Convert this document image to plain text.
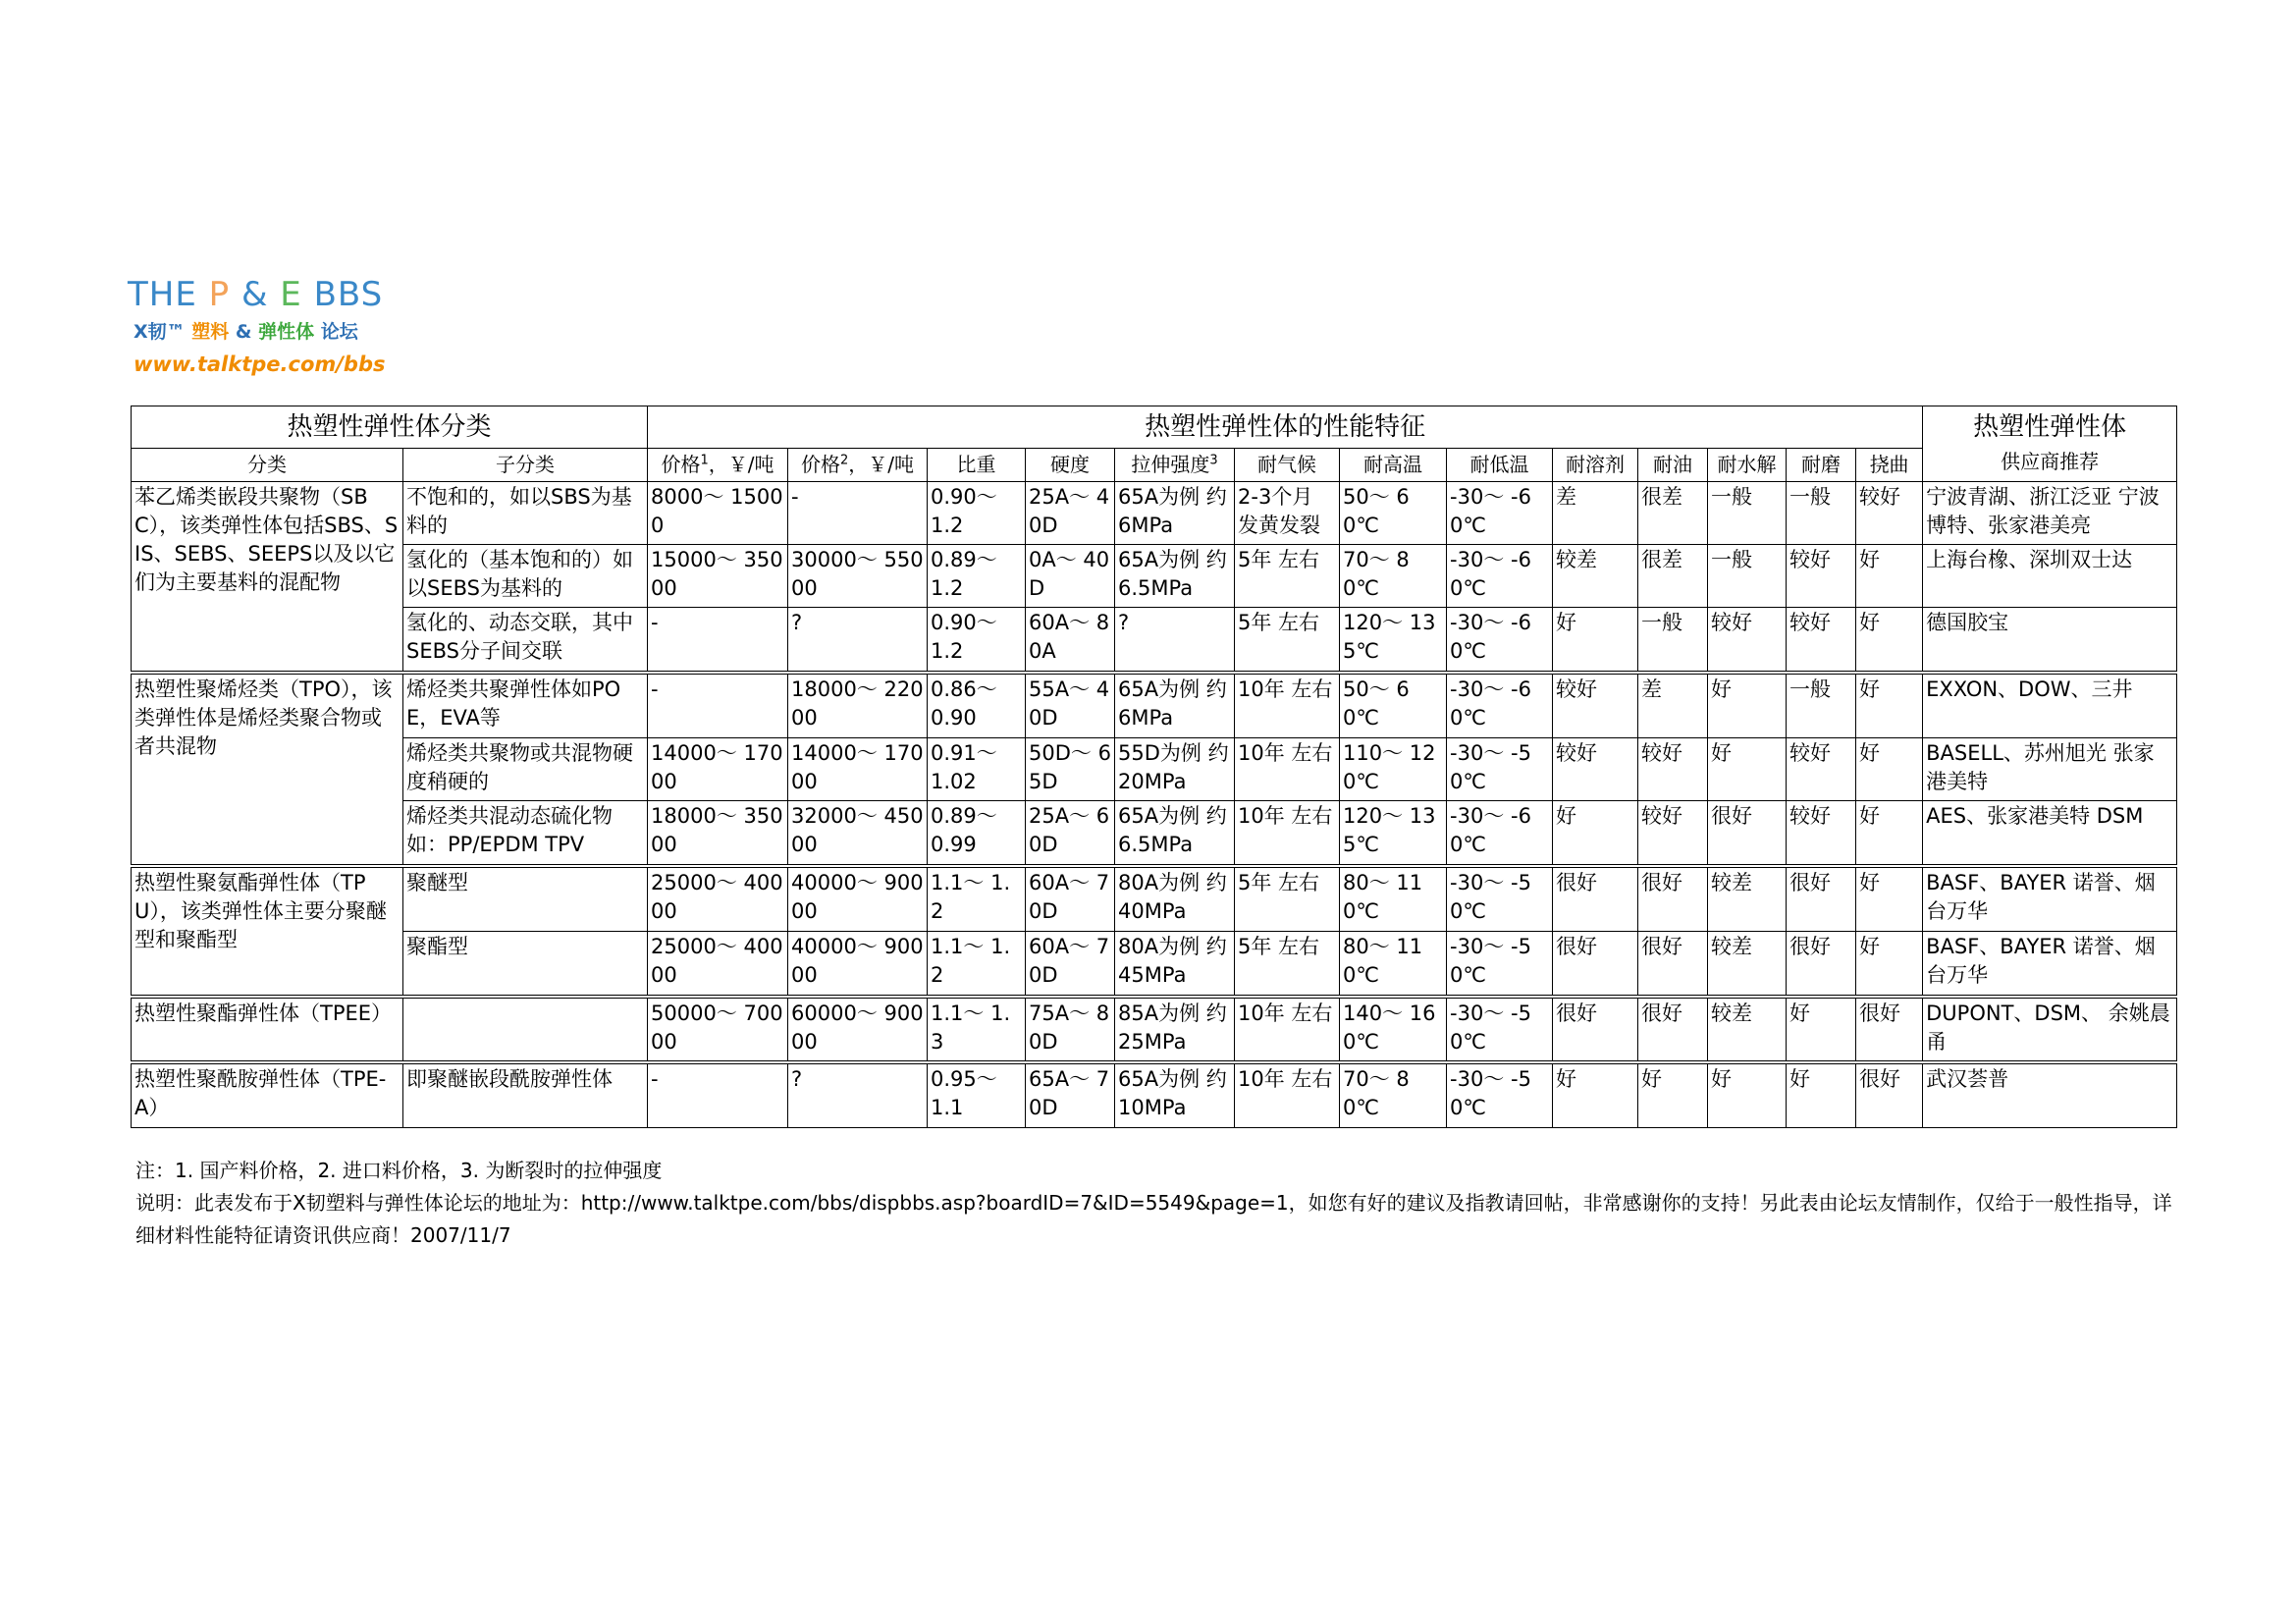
THE P & E BBS
X韧™ 塑料 & 弹性体 论坛
www.talktpe.com/bbs
热塑性弹性体分类		热塑性弹性体的性能特征													热塑性弹性体
供应商推荐
分类	子分类	价格$^1$，￥/吨	价格$^2$，￥/吨	比重	硬度	拉伸强度$^3$	耐气候	耐高温	耐低温	耐溶剂	耐油	耐水解	耐磨	挠曲	
苯乙烯类嵌段共聚物（SBC），该类弹性体包括SBS、SIS、SEBS、SEEPS以及以它们为主要基料的混配物	不饱和的，如以SBS为基料的	8000～ 15000	-	0.90～ 1.2	25A～ 40D	65A为例 约6MPa	2-3个月 发黄发裂	50～ 60℃	-30～ -60℃	差	很差	一般	一般	较好	宁波青湖、浙江泛亚 宁波博特、张家港美亮
	氢化的（基本饱和的）如以SEBS为基料的	15000～ 35000	30000～ 55000	0.89～ 1.2	0A～ 40D	65A为例 约6.5MPa	5年 左右	70～ 80℃	-30～ -60℃	较差	很差	一般	较好	好	上海台橡、深圳双士达
	氢化的、动态交联，其中SEBS分子间交联	-	?	0.90～ 1.2	60A～ 80A	?	5年 左右	120～ 135℃	-30～ -60℃	好	一般	较好	较好	好	德国胶宝
热塑性聚烯烃类（TPO），该类弹性体是烯烃类聚合物或者共混物	烯烃类共聚弹性体如POE，EVA等	-	18000～ 22000	0.86～ 0.90	55A～ 40D	65A为例 约6MPa	10年 左右	50～ 60℃	-30～ -60℃	较好	差	好	一般	好	EXXON、DOW、三井
	烯烃类共聚物或共混物硬度稍硬的	14000～ 17000	14000～ 17000	0.91～ 1.02	50D～ 65D	55D为例 约20MPa	10年 左右	110～ 120℃	-30～ -50℃	较好	较好	好	较好	好	BASELL、苏州旭光 张家港美特
	烯烃类共混动态硫化物 如：PP/EPDM TPV	18000～ 35000	32000～ 45000	0.89～ 0.99	25A～ 60D	65A为例 约6.5MPa	10年 左右	120～ 135℃	-30～ -60℃	好	较好	很好	较好	好	AES、张家港美特 DSM
热塑性聚氨酯弹性体（TPU），该类弹性体主要分聚醚型和聚酯型	聚醚型	25000～ 40000	40000～ 90000	1.1～ 1.2	60A～ 70D	80A为例 约40MPa	5年 左右	80～ 110℃	-30～ -50℃	很好	很好	较差	很好	好	BASF、BAYER 诺誉、烟台万华
	聚酯型	25000～ 40000	40000～ 90000	1.1～ 1.2	60A～ 70D	80A为例 约45MPa	5年 左右	80～ 110℃	-30～ -50℃	很好	很好	较差	很好	好	BASF、BAYER 诺誉、烟台万华
热塑性聚酯弹性体（TPEE）		50000～ 70000	60000～ 90000	1.1～ 1.3	75A～ 80D	85A为例 约25MPa	10年 左右	140～ 160℃	-30～ -50℃	很好	很好	较差	好	很好	DUPONT、DSM、 余姚晨甬
热塑性聚酰胺弹性体（TPE-A）	即聚醚嵌段酰胺弹性体	-	?	0.95～ 1.1	65A～ 70D	65A为例 约10MPa	10年 左右	70～ 80℃	-30～ -50℃	好	好	好	好	很好	武汉荟普

注：1. 国产料价格，2. 进口料价格，3. 为断裂时的拉伸强度

说明：此表发布于X韧塑料与弹性体论坛的地址为：http://www.talktpe.com/bbs/dispbbs.asp?boardID=7&ID=5549&page=1，如您有好的建议及指教请回帖，非常感谢你的支持！另此表由论坛友情制作，仅给于一般性指导，详细材料性能特征请资讯供应商！2007/11/7
